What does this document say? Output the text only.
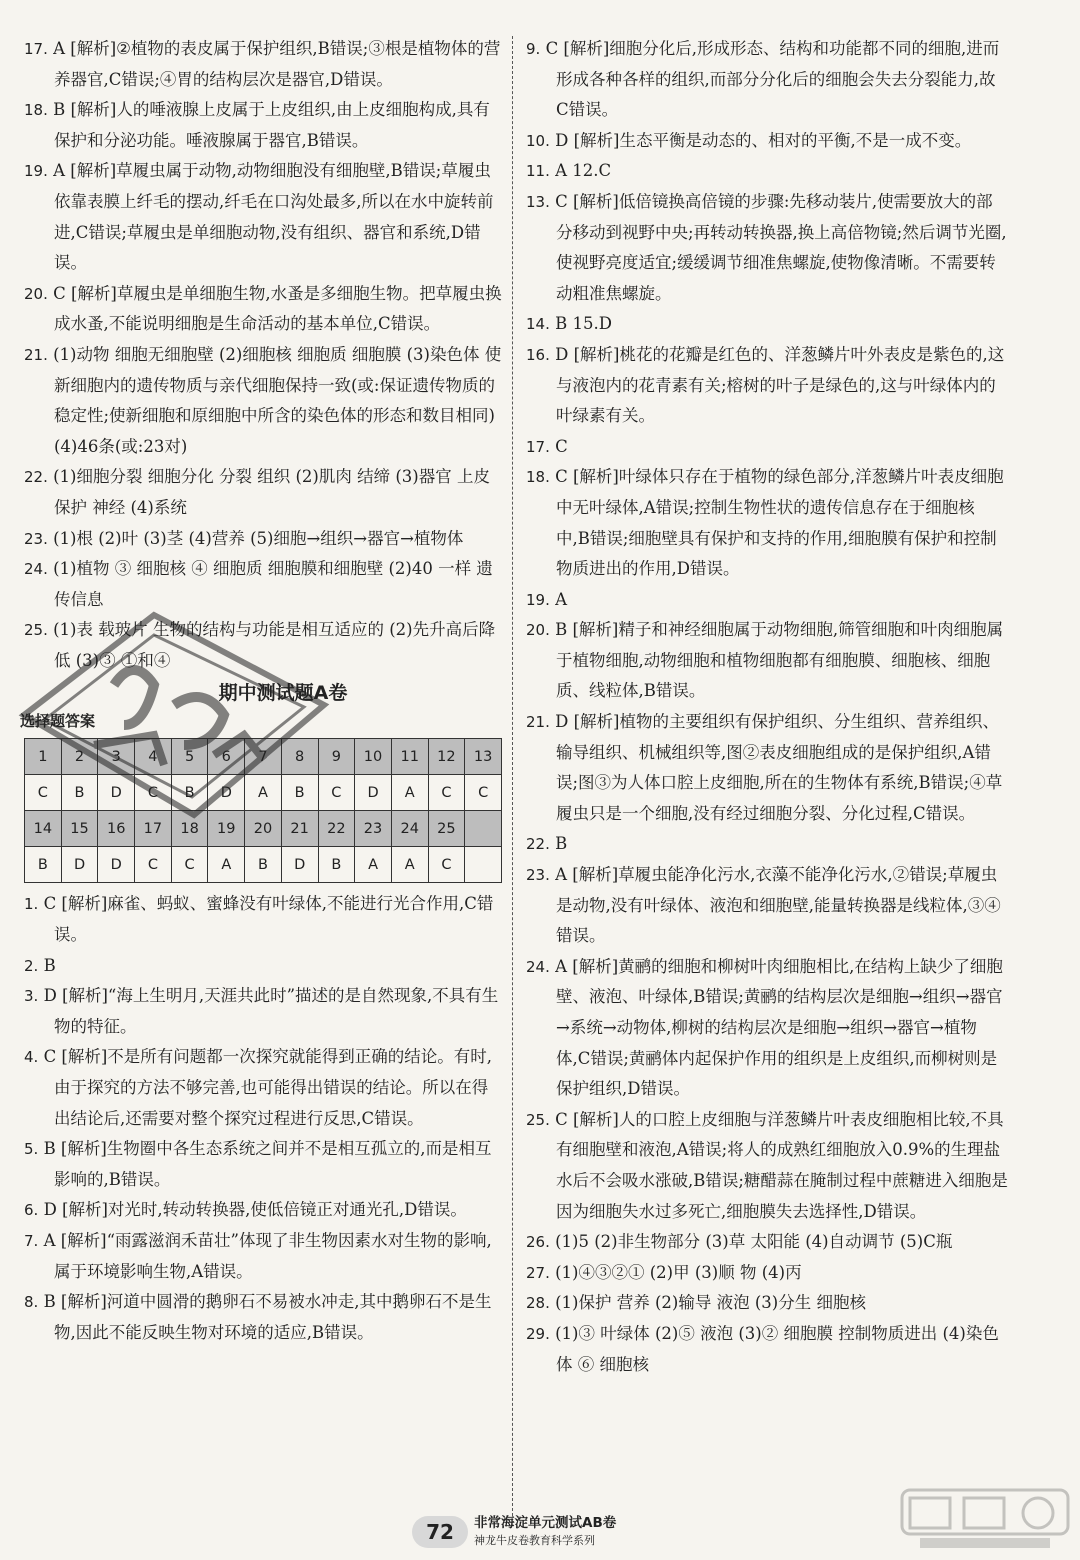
17. A [解析]②植物的表皮属于保护组织,B错误;③根是植物体的营养器官,C错误;④胃的结构层次是器官,D错误。
18. B [解析]人的唾液腺上皮属于上皮组织,由上皮细胞构成,具有保护和分泌功能。唾液腺属于器官,B错误。
19. A [解析]草履虫属于动物,动物细胞没有细胞壁,B错误;草履虫依靠表膜上纤毛的摆动,纤毛在口沟处最多,所以在水中旋转前进,C错误;草履虫是单细胞动物,没有组织、器官和系统,D错误。
20. C [解析]草履虫是单细胞生物,水蚤是多细胞生物。把草履虫换成水蚤,不能说明细胞是生命活动的基本单位,C错误。
21. (1)动物 细胞无细胞壁 (2)细胞核 细胞质 细胞膜 (3)染色体 使新细胞内的遗传物质与亲代细胞保持一致(或:保证遗传物质的稳定性;使新细胞和原细胞中所含的染色体的形态和数目相同) (4)46条(或:23对)
22. (1)细胞分裂 细胞分化 分裂 组织 (2)肌肉 结缔 (3)器官 上皮 保护 神经 (4)系统
23. (1)根 (2)叶 (3)茎 (4)营养 (5)细胞→组织→器官→植物体
24. (1)植物 ③ 细胞核 ④ 细胞质 细胞膜和细胞壁 (2)40 一样 遗传信息
25. (1)表 载玻片 生物的结构与功能是相互适应的 (2)先升高后降低 (3)③ ①和④
期中测试题A卷
选择题答案
1	2	3	4	5	6	7	8	9	10	11	12	13
C	B	D	C	B	D	A	B	C	D	A	C	C
14	15	16	17	18	19	20	21	22	23	24	25	
B	D	D	C	C	A	B	D	B	A	A	C	
1. C [解析]麻雀、蚂蚁、蜜蜂没有叶绿体,不能进行光合作用,C错误。
2. B
3. D [解析]“海上生明月,天涯共此时”描述的是自然现象,不具有生物的特征。
4. C [解析]不是所有问题都一次探究就能得到正确的结论。有时,由于探究的方法不够完善,也可能得出错误的结论。所以在得出结论后,还需要对整个探究过程进行反思,C错误。
5. B [解析]生物圈中各生态系统之间并不是相互孤立的,而是相互影响的,B错误。
6. D [解析]对光时,转动转换器,使低倍镜正对通光孔,D错误。
7. A [解析]“雨露滋润禾苗壮”体现了非生物因素水对生物的影响,属于环境影响生物,A错误。
8. B [解析]河道中圆滑的鹅卵石不易被水冲走,其中鹅卵石不是生物,因此不能反映生物对环境的适应,B错误。
9. C [解析]细胞分化后,形成形态、结构和功能都不同的细胞,进而形成各种各样的组织,而部分分化后的细胞会失去分裂能力,故C错误。
10. D [解析]生态平衡是动态的、相对的平衡,不是一成不变。
11. A 12.C
13. C [解析]低倍镜换高倍镜的步骤:先移动装片,使需要放大的部分移动到视野中央;再转动转换器,换上高倍物镜;然后调节光圈,使视野亮度适宜;缓缓调节细准焦螺旋,使物像清晰。不需要转动粗准焦螺旋。
14. B 15.D
16. D [解析]桃花的花瓣是红色的、洋葱鳞片叶外表皮是紫色的,这与液泡内的花青素有关;榕树的叶子是绿色的,这与叶绿体内的叶绿素有关。
17. C
18. C [解析]叶绿体只存在于植物的绿色部分,洋葱鳞片叶表皮细胞中无叶绿体,A错误;控制生物性状的遗传信息存在于细胞核中,B错误;细胞壁具有保护和支持的作用,细胞膜有保护和控制物质进出的作用,D错误。
19. A
20. B [解析]精子和神经细胞属于动物细胞,筛管细胞和叶肉细胞属于植物细胞,动物细胞和植物细胞都有细胞膜、细胞核、细胞质、线粒体,B错误。
21. D [解析]植物的主要组织有保护组织、分生组织、营养组织、输导组织、机械组织等,图②表皮细胞组成的是保护组织,A错误;图③为人体口腔上皮细胞,所在的生物体有系统,B错误;④草履虫只是一个细胞,没有经过细胞分裂、分化过程,C错误。
22. B
23. A [解析]草履虫能净化污水,衣藻不能净化污水,②错误;草履虫是动物,没有叶绿体、液泡和细胞壁,能量转换器是线粒体,③④错误。
24. A [解析]黄鹂的细胞和柳树叶肉细胞相比,在结构上缺少了细胞壁、液泡、叶绿体,B错误;黄鹂的结构层次是细胞→组织→器官→系统→动物体,柳树的结构层次是细胞→组织→器官→植物体,C错误;黄鹂体内起保护作用的组织是上皮组织,而柳树则是保护组织,D错误。
25. C [解析]人的口腔上皮细胞与洋葱鳞片叶表皮细胞相比较,不具有细胞壁和液泡,A错误;将人的成熟红细胞放入0.9%的生理盐水后不会吸水涨破,B错误;糖醋蒜在腌制过程中蔗糖进入细胞是因为细胞失水过多死亡,细胞膜失去选择性,D错误。
26. (1)5 (2)非生物部分 (3)草 太阳能 (4)自动调节 (5)C瓶
27. (1)④③②① (2)甲 (3)顺 物 (4)丙
28. (1)保护 营养 (2)输导 液泡 (3)分生 细胞核
29. (1)③ 叶绿体 (2)⑤ 液泡 (3)② 细胞膜 控制物质进出 (4)染色体 ⑥ 细胞核
72	非常海淀单元测试AB卷
神龙牛皮卷教育科学系列
